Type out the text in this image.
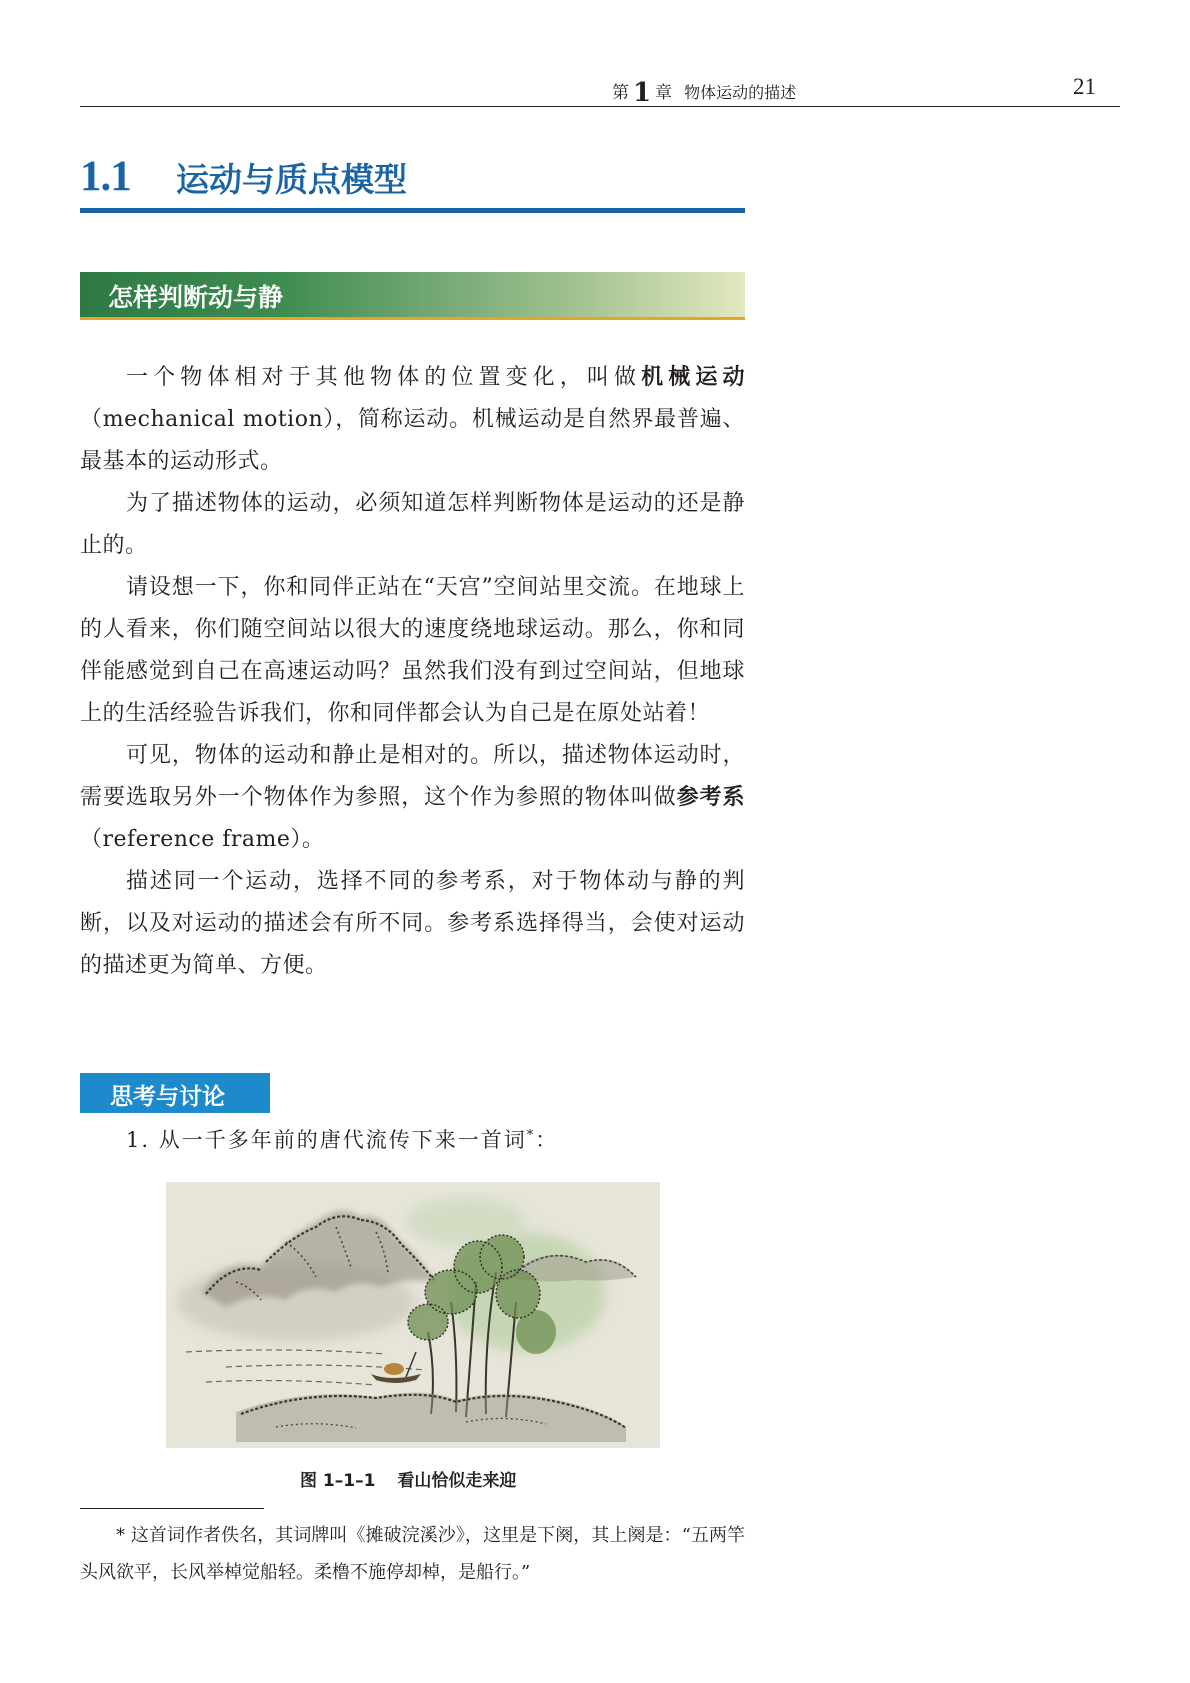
第 1 章 物体运动的描述	21
1.1 运动与质点模型
怎样判断动与静

一个物体相对于其他物体的位置变化，叫做机械运动（mechanical motion），简称运动。机械运动是自然界最普遍、最基本的运动形式。

为了描述物体的运动，必须知道怎样判断物体是运动的还是静止的。

请设想一下，你和同伴正站在“天宫”空间站里交流。在地球上的人看来，你们随空间站以很大的速度绕地球运动。那么，你和同伴能感觉到自己在高速运动吗？虽然我们没有到过空间站，但地球上的生活经验告诉我们，你和同伴都会认为自己是在原处站着！

可见，物体的运动和静止是相对的。所以，描述物体运动时，需要选取另外一个物体作为参照，这个作为参照的物体叫做参考系（reference frame）。

描述同一个运动，选择不同的参考系，对于物体动与静的判断，以及对运动的描述会有所不同。参考系选择得当，会使对运动的描述更为简单、方便。

思考与讨论
1. 从一千多年前的唐代流传下来一首词*：
图 1–1–1 看山恰似走来迎
* 这首词作者佚名，其词牌叫《摊破浣溪沙》，这里是下阕，其上阕是：“五两竿头风欲平，长风举棹觉船轻。柔橹不施停却棹，是船行。”
